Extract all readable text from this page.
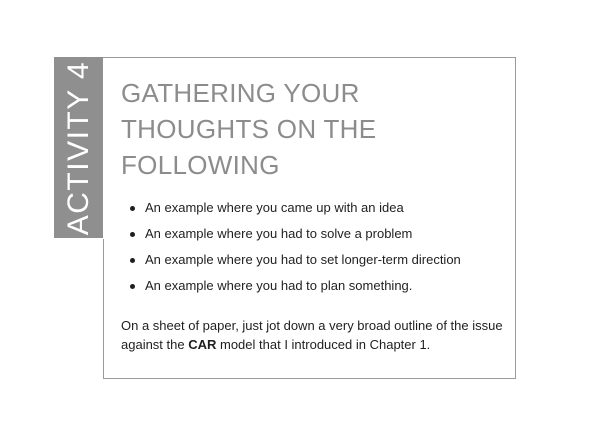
ACTIVITY 4 GATHERING YOUR
THOUGHTS ON THE
FOLLOWING
An example where you came up with an idea
An example where you had to solve a problem
An example where you had to set longer-term direction
An example where you had to plan something.

On a sheet of paper, just jot down a very broad outline of the issue against the CAR model that I introduced in Chapter 1.
